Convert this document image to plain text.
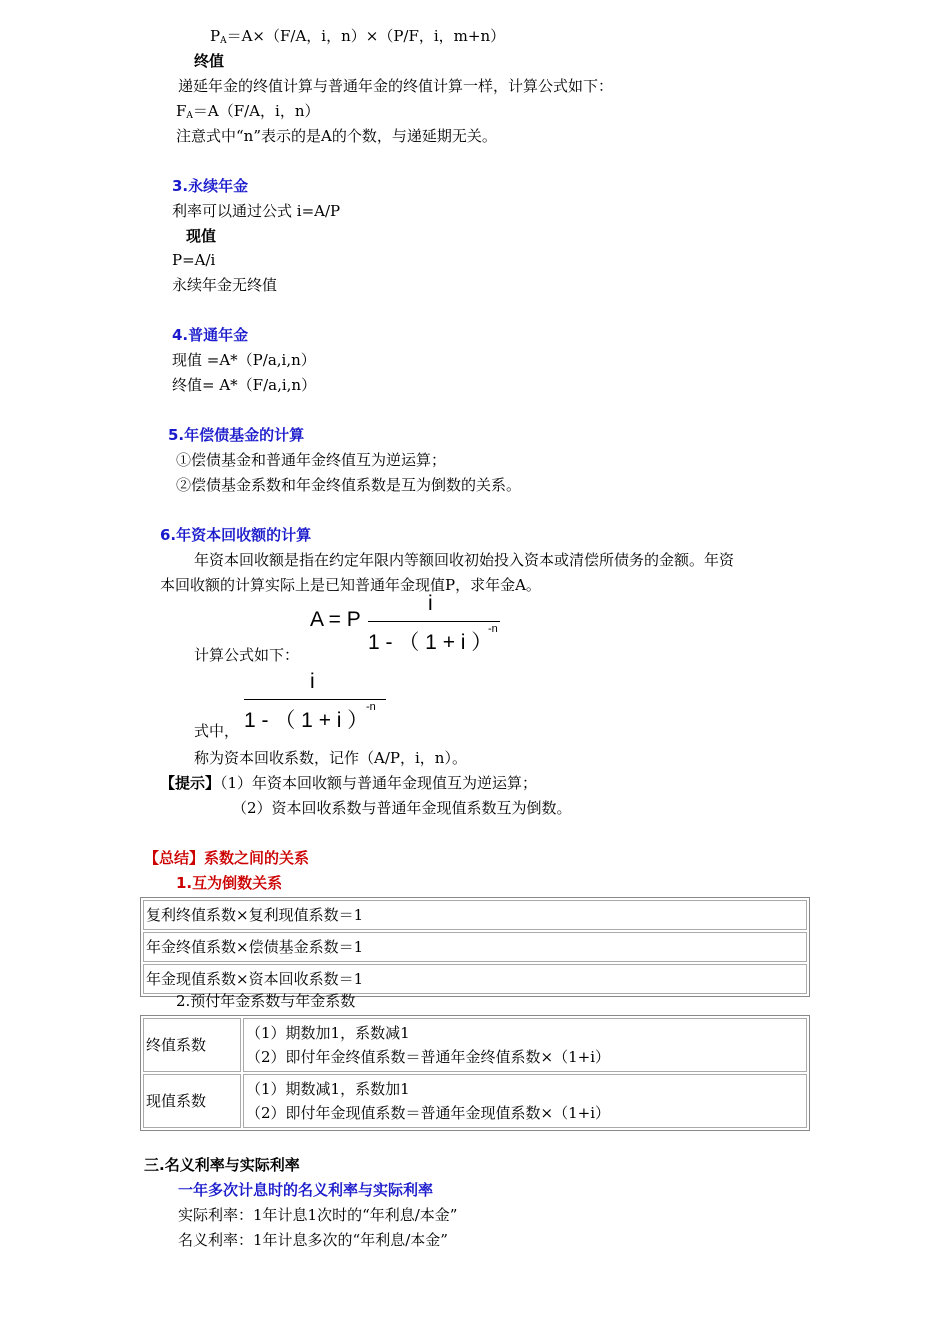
$P_A=A\times(F/A$，i，n）×（P/F，i，m+n）
终值
递延年金的终值计算与普通年金的终值计算一样，计算公式如下：
$F_A=A(F/A$，i，n）
注意式中“n”表示的是A的个数，与递延期无关。
3.永续年金
利率可以通过公式 i=A/P
现值
P=A/i
永续年金无终值
4.普通年金
现值 =A*（P/a,i,n）
终值= A*（F/a,i,n）
5.年偿债基金的计算
①偿债基金和普通年金终值互为逆运算；
②偿债基金系数和年金终值系数是互为倒数的关系。
6.年资本回收额的计算
年资本回收额是指在约定年限内等额回收初始投入资本或清偿所债务的金额。年资
本回收额的计算实际上是已知普通年金现值P，求年金A。
A = P
i
1 - （ 1 + i ）
-n
计算公式如下：
i
1 - （ 1 + i ）
-n
式中，
称为资本回收系数，记作（A/P，i，n）。
【提示】（1）年资本回收额与普通年金现值互为逆运算；
（2）资本回收系数与普通年金现值系数互为倒数。
【总结】系数之间的关系
1.互为倒数关系
复利终值系数×复利现值系数＝1
年金终值系数×偿债基金系数＝1
年金现值系数×资本回收系数＝1
2.预付年金系数与年金系数
终值系数	（1）期数加1，系数减1
（2）即付年金终值系数＝普通年金终值系数×（1+i）

现值系数	（1）期数减1，系数加1
（2）即付年金现值系数＝普通年金现值系数×（1+i）
三.名义利率与实际利率
一年多次计息时的名义利率与实际利率
实际利率：1年计息1次时的“年利息/本金”
名义利率：1年计息多次的“年利息/本金”
